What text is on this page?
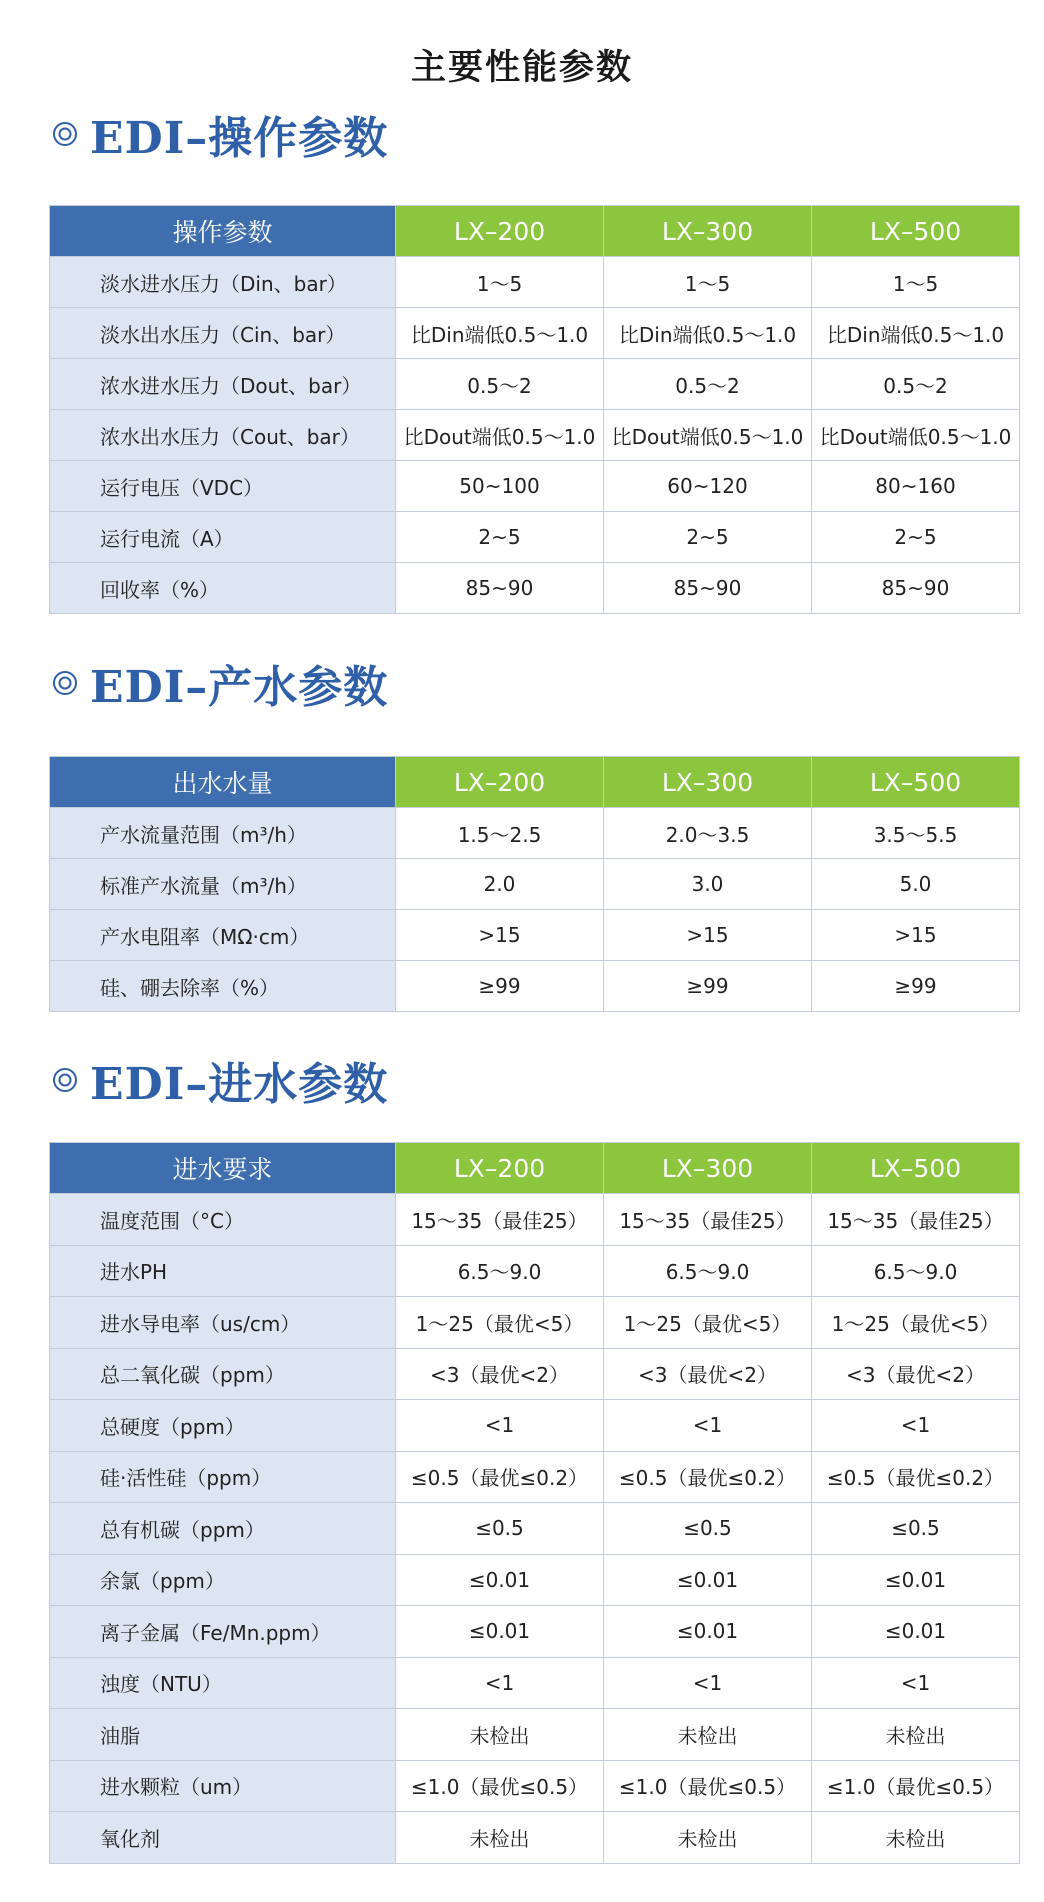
主要性能参数
EDI–操作参数
操作参数	LX–200	LX–300	LX–500
淡水进水压力（Din、bar）	1～5	1～5	1～5
淡水出水压力（Cin、bar）	比Din端低0.5～1.0	比Din端低0.5～1.0	比Din端低0.5～1.0
浓水进水压力（Dout、bar）	0.5～2	0.5～2	0.5～2
浓水出水压力（Cout、bar）	比Dout端低0.5～1.0	比Dout端低0.5～1.0	比Dout端低0.5～1.0
运行电压（VDC）	50~100	60~120	80~160
运行电流（A）	2~5	2~5	2~5
回收率（%）	85~90	85~90	85~90
EDI–产水参数
出水水量	LX–200	LX–300	LX–500
产水流量范围（m³/h）	1.5～2.5	2.0～3.5	3.5～5.5
标准产水流量（m³/h）	2.0	3.0	5.0
产水电阻率（MΩ·cm）	>15	>15	>15
硅、硼去除率（%）	≥99	≥99	≥99
EDI–进水参数
进水要求	LX–200	LX–300	LX–500
温度范围（°C）	15～35（最佳25）	15～35（最佳25）	15～35（最佳25）
进水PH	6.5～9.0	6.5～9.0	6.5～9.0
进水导电率（us/cm）	1～25（最优<5）	1～25（最优<5）	1～25（最优<5）
总二氧化碳（ppm）	<3（最优<2）	<3（最优<2）	<3（最优<2）
总硬度（ppm）	<1	<1	<1
硅·活性硅（ppm）	≤0.5（最优≤0.2）	≤0.5（最优≤0.2）	≤0.5（最优≤0.2）
总有机碳（ppm）	≤0.5	≤0.5	≤0.5
余氯（ppm）	≤0.01	≤0.01	≤0.01
离子金属（Fe/Mn.ppm）	≤0.01	≤0.01	≤0.01
浊度（NTU）	<1	<1	<1
油脂	未检出	未检出	未检出
进水颗粒（um）	≤1.0（最优≤0.5）	≤1.0（最优≤0.5）	≤1.0（最优≤0.5）
氧化剂	未检出	未检出	未检出
